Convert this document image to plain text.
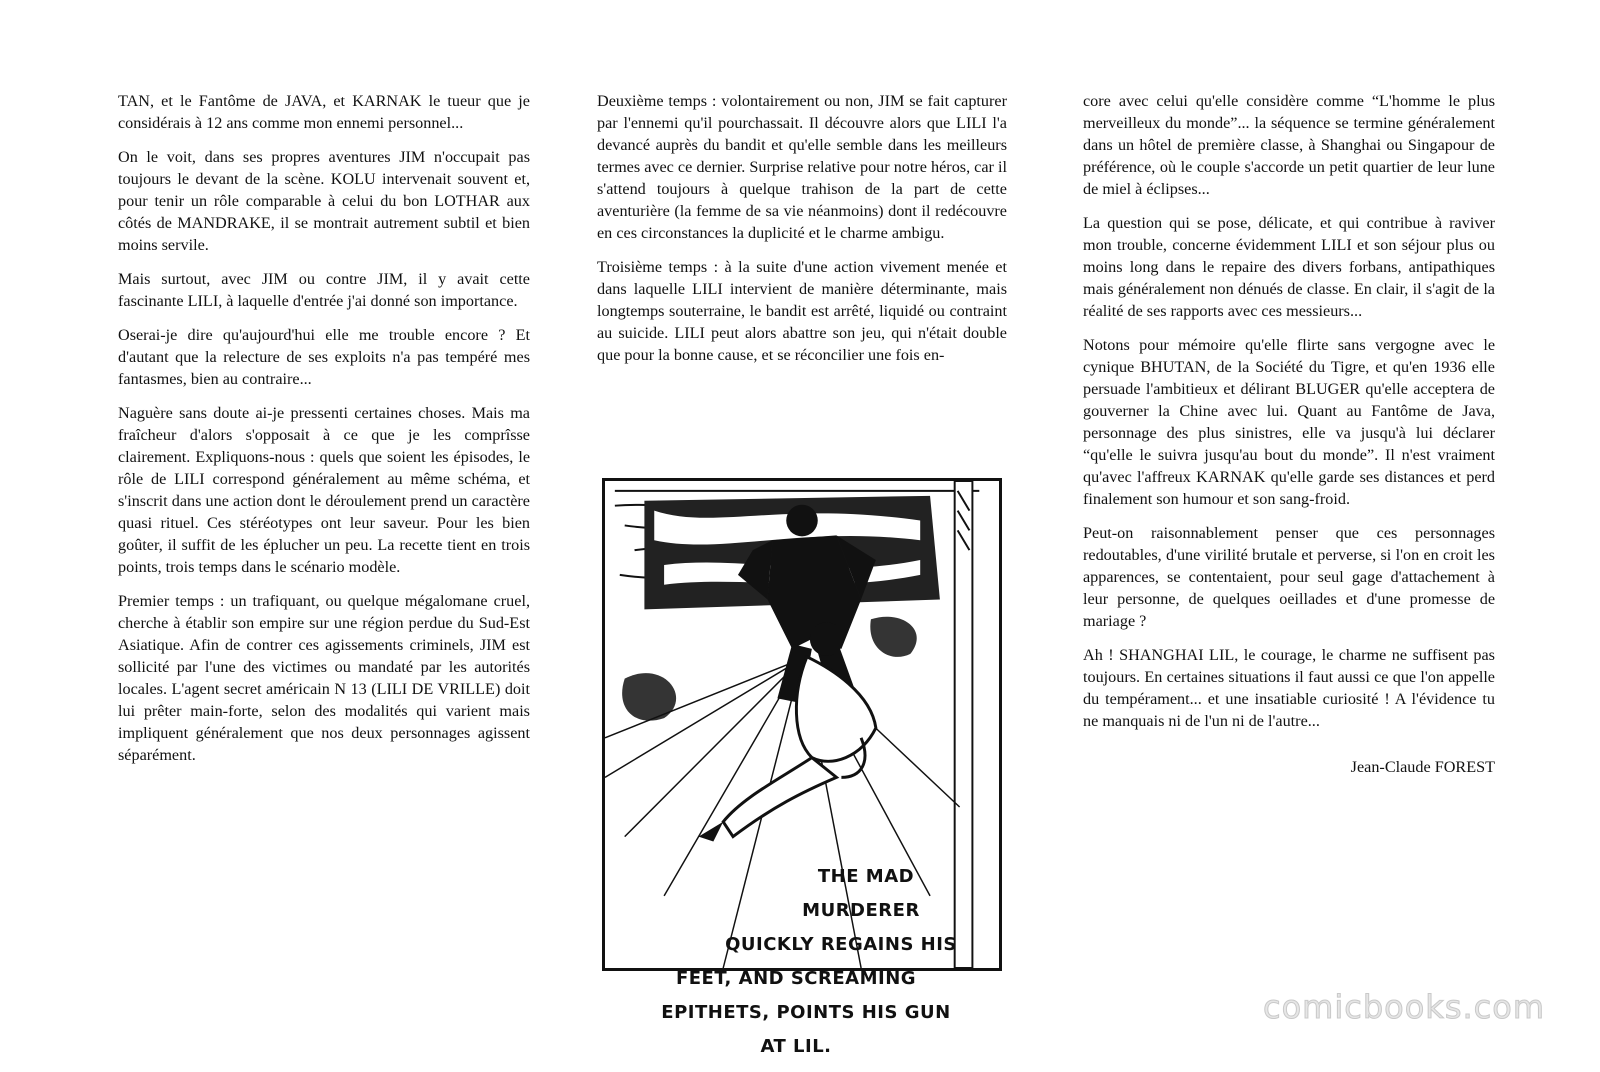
TAN, et le Fantôme de JAVA, et KARNAK le tueur que je considérais à 12 ans comme mon ennemi personnel...

On le voit, dans ses propres aventures JIM n'occupait pas toujours le devant de la scène. KOLU intervenait souvent et, pour tenir un rôle comparable à celui du bon LOTHAR aux côtés de MANDRAKE, il se montrait autrement subtil et bien moins servile.

Mais surtout, avec JIM ou contre JIM, il y avait cette fascinante LILI, à laquelle d'entrée j'ai donné son importance.

Oserai-je dire qu'aujourd'hui elle me trouble encore ? Et d'autant que la relecture de ses exploits n'a pas tempéré mes fantasmes, bien au contraire...

Naguère sans doute ai-je pressenti certaines choses. Mais ma fraîcheur d'alors s'opposait à ce que je les comprîsse clairement. Expliquons-nous : quels que soient les épisodes, le rôle de LILI correspond généralement au même schéma, et s'inscrit dans une action dont le déroulement prend un caractère quasi rituel. Ces stéréotypes ont leur saveur. Pour les bien goûter, il suffit de les éplucher un peu. La recette tient en trois points, trois temps dans le scénario modèle.

Premier temps : un trafiquant, ou quelque mégalomane cruel, cherche à établir son empire sur une région perdue du Sud-Est Asiatique. Afin de contrer ces agissements criminels, JIM est sollicité par l'une des victimes ou mandaté par les autorités locales. L'agent secret américain N 13 (LILI DE VRILLE) doit lui prêter main-forte, selon des modalités qui varient mais impliquent généralement que nos deux personnages agissent séparément.

Deuxième temps : volontairement ou non, JIM se fait capturer par l'ennemi qu'il pourchassait. Il découvre alors que LILI l'a devancé auprès du bandit et qu'elle semble dans les meilleurs termes avec ce dernier. Surprise relative pour notre héros, car il s'attend toujours à quelque trahison de la part de cette aventurière (la femme de sa vie néanmoins) dont il redécouvre en ces circonstances la duplicité et le charme ambigu.

Troisième temps : à la suite d'une action vivement menée et dans laquelle LILI intervient de manière déterminante, mais longtemps souterraine, le bandit est arrêté, liquidé ou contraint au suicide. LILI peut alors abattre son jeu, qui n'était double que pour la bonne cause, et se réconcilier une fois en-

THE MAD

MURDERER

QUICKLY REGAINS HIS

FEET, AND SCREAMING

EPITHETS, POINTS HIS GUN

AT LIL.

core avec celui qu'elle considère comme “L'homme le plus merveilleux du monde”... la séquence se termine généralement dans un hôtel de première classe, à Shanghai ou Singapour de préférence, où le couple s'accorde un petit quartier de leur lune de miel à éclipses...

La question qui se pose, délicate, et qui contribue à raviver mon trouble, concerne évidemment LILI et son séjour plus ou moins long dans le repaire des divers forbans, antipathiques mais généralement non dénués de classe. En clair, il s'agit de la réalité de ses rapports avec ces messieurs...

Notons pour mémoire qu'elle flirte sans vergogne avec le cynique BHUTAN, de la Société du Tigre, et qu'en 1936 elle persuade l'ambitieux et délirant BLUGER qu'elle acceptera de gouverner la Chine avec lui. Quant au Fantôme de Java, personnage des plus sinistres, elle va jusqu'à lui déclarer “qu'elle le suivra jusqu'au bout du monde”. Il n'est vraiment qu'avec l'affreux KARNAK qu'elle garde ses distances et perd finalement son humour et son sang-froid.

Peut-on raisonnablement penser que ces personnages redoutables, d'une virilité brutale et perverse, si l'on en croit les apparences, se contentaient, pour seul gage d'attachement à leur personne, de quelques oeillades et d'une promesse de mariage ?

Ah ! SHANGHAI LIL, le courage, le charme ne suffisent pas toujours. En certaines situations il faut aussi ce que l'on appelle du tempérament... et une insatiable curiosité ! A l'évidence tu ne manquais ni de l'un ni de l'autre...

Jean-Claude FOREST

comicbooks.com
